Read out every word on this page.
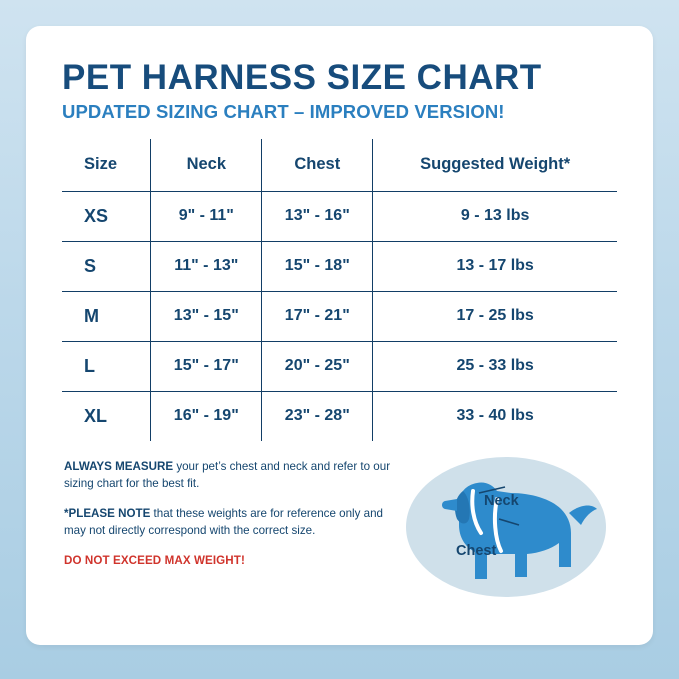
PET HARNESS SIZE CHART
UPDATED SIZING CHART – IMPROVED VERSION!
Size	Neck	Chest	Suggested Weight*
XS	9" - 11"	13" - 16"	9 - 13 lbs
S	11" - 13"	15" - 18"	13 - 17 lbs
M	13" - 15"	17" - 21"	17 - 25 lbs
L	15" - 17"	20" - 25"	25 - 33 lbs
XL	16" - 19"	23" - 28"	33 - 40 lbs
ALWAYS MEASURE your pet’s chest and neck and refer to our sizing chart for the best fit.
*PLEASE NOTE that these weights are for reference only and may not directly correspond with the correct size.
DO NOT EXCEED MAX WEIGHT!
Neck
Chest
